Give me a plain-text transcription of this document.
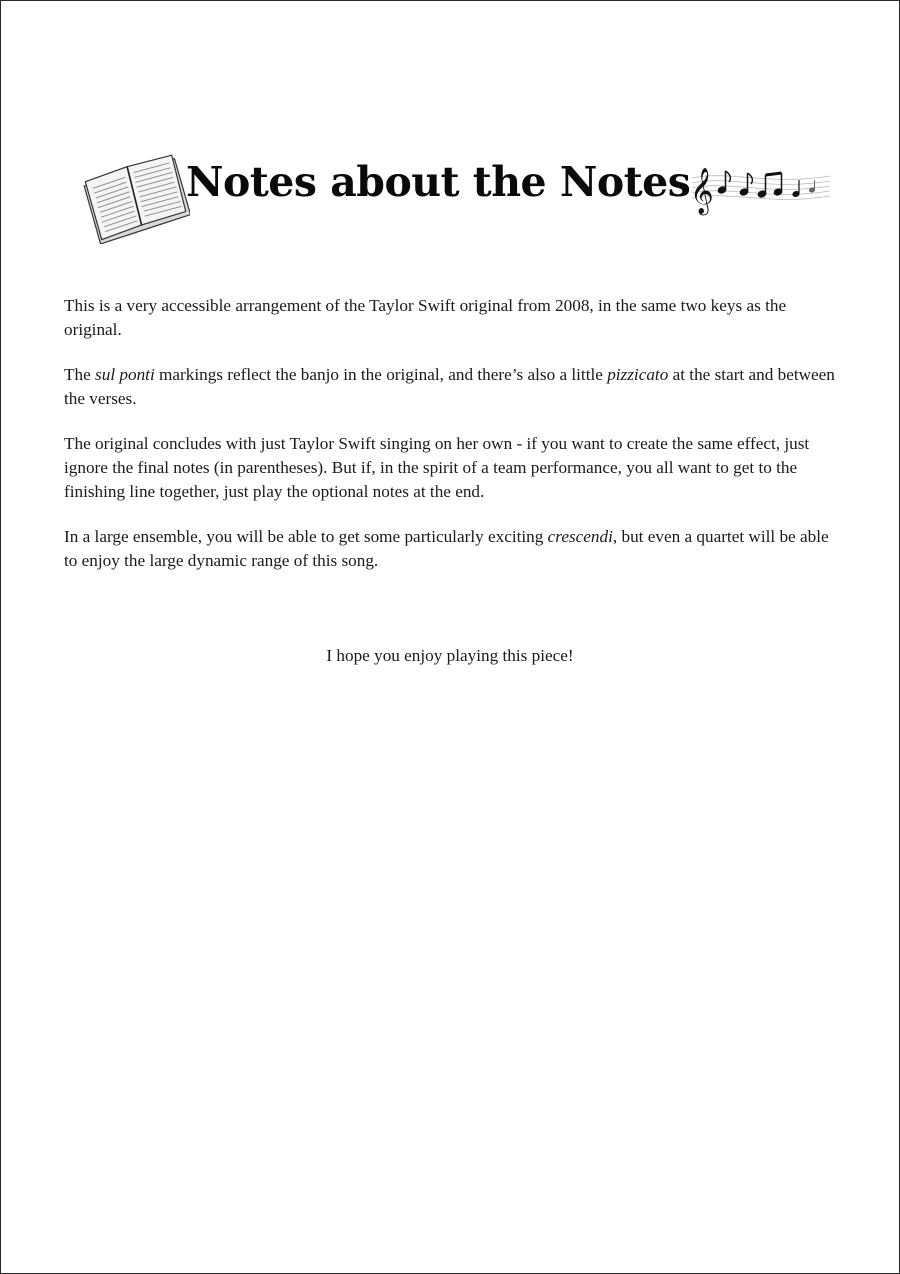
Notes about the Notes 𝄞

This is a very accessible arrangement of the Taylor Swift original from 2008, in the same two keys as the original.

The sul ponti markings reflect the banjo in the original, and there’s also a little pizzicato at the start and between the verses.

The original concludes with just Taylor Swift singing on her own - if you want to create the same effect, just ignore the final notes (in parentheses). But if, in the spirit of a team performance, you all want to get to the finishing line together, just play the optional notes at the end.

In a large ensemble, you will be able to get some particularly exciting crescendi, but even a quartet will be able to enjoy the large dynamic range of this song.

I hope you enjoy playing this piece!
